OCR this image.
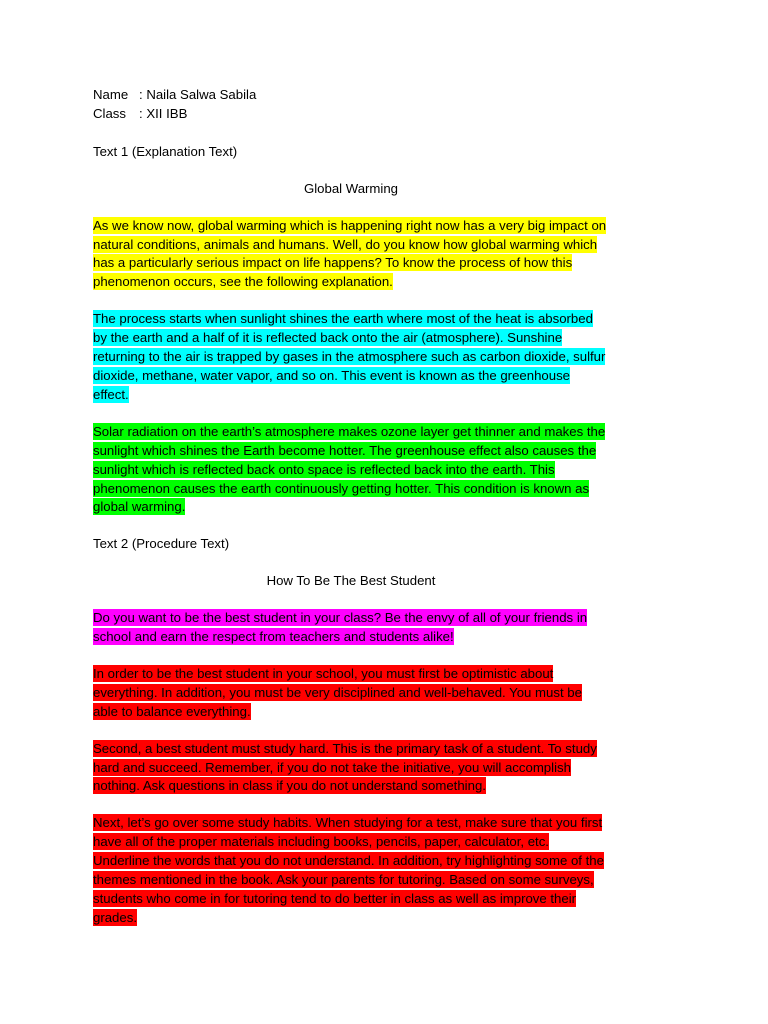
Name : Naila Salwa Sabila
Class : XII IBB
Text 1 (Explanation Text)
Global Warming

As we know now, global warming which is happening right now has a very big impact on natural conditions, animals and humans. Well, do you know how global warming which has a particularly serious impact on life happens? To know the process of how this phenomenon occurs, see the following explanation.

The process starts when sunlight shines the earth where most of the heat is absorbed by the earth and a half of it is reflected back onto the air (atmosphere). Sunshine returning to the air is trapped by gases in the atmosphere such as carbon dioxide, sulfur dioxide, methane, water vapor, and so on. This event is known as the greenhouse effect.

Solar radiation on the earth’s atmosphere makes ozone layer get thinner and makes the sunlight which shines the Earth become hotter. The greenhouse effect also causes the sunlight which is reflected back onto space is reflected back into the earth. This phenomenon causes the earth continuously getting hotter. This condition is known as global warming.

Text 2 (Procedure Text)
How To Be The Best Student

Do you want to be the best student in your class? Be the envy of all of your friends in school and earn the respect from teachers and students alike!

In order to be the best student in your school, you must first be optimistic about everything. In addition, you must be very disciplined and well-behaved. You must be able to balance everything.

Second, a best student must study hard. This is the primary task of a student. To study hard and succeed. Remember, if you do not take the initiative, you will accomplish nothing. Ask questions in class if you do not understand something.

Next, let’s go over some study habits. When studying for a test, make sure that you first have all of the proper materials including books, pencils, paper, calculator, etc. Underline the words that you do not understand. In addition, try highlighting some of the themes mentioned in the book. Ask your parents for tutoring. Based on some surveys, students who come in for tutoring tend to do better in class as well as improve their grades.
